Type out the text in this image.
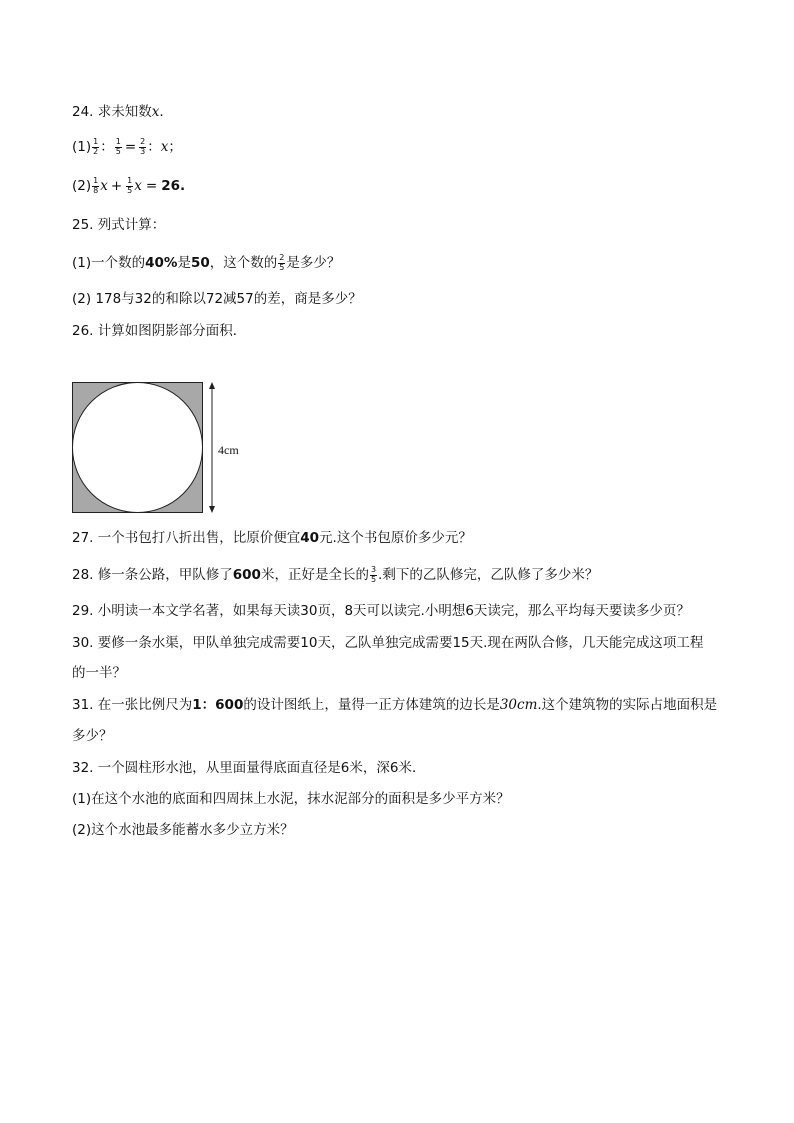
24. 求未知数x.
$(1) \frac{1}{2}$ ： $\frac{1}{5} = \frac{2}{3}$ ：x；
$(2) \frac{1}{8}$ $x + \frac{1}{5}$ x = 26.
25. 列式计算：
(1)一个数的40%是50，这个数的 $\frac{2}{5}$ 是多少？
(2) 178与32的和除以72减57的差，商是多少？
26. 计算如图阴影部分面积．
4cm
27. 一个书包打八折出售，比原价便宜40元.这个书包原价多少元？
28. 修一条公路，甲队修了600米，正好是全长的 $\frac{3}{5}$ .剩下的乙队修完，乙队修了多少米？
29. 小明读一本文学名著，如果每天读30页，8天可以读完.小明想6天读完，那么平均每天要读多少页？
30. 要修一条水渠，甲队单独完成需要10天，乙队单独完成需要15天.现在两队合修，几天能完成这项工程
的一半？
31. 在一张比例尺为1：600的设计图纸上，量得一正方体建筑的边长是30cm.这个建筑物的实际占地面积是
多少？
32. 一个圆柱形水池，从里面量得底面直径是6米，深6米．
(1)在这个水池的底面和四周抹上水泥，抹水泥部分的面积是多少平方米？
(2)这个水池最多能蓄水多少立方米？
